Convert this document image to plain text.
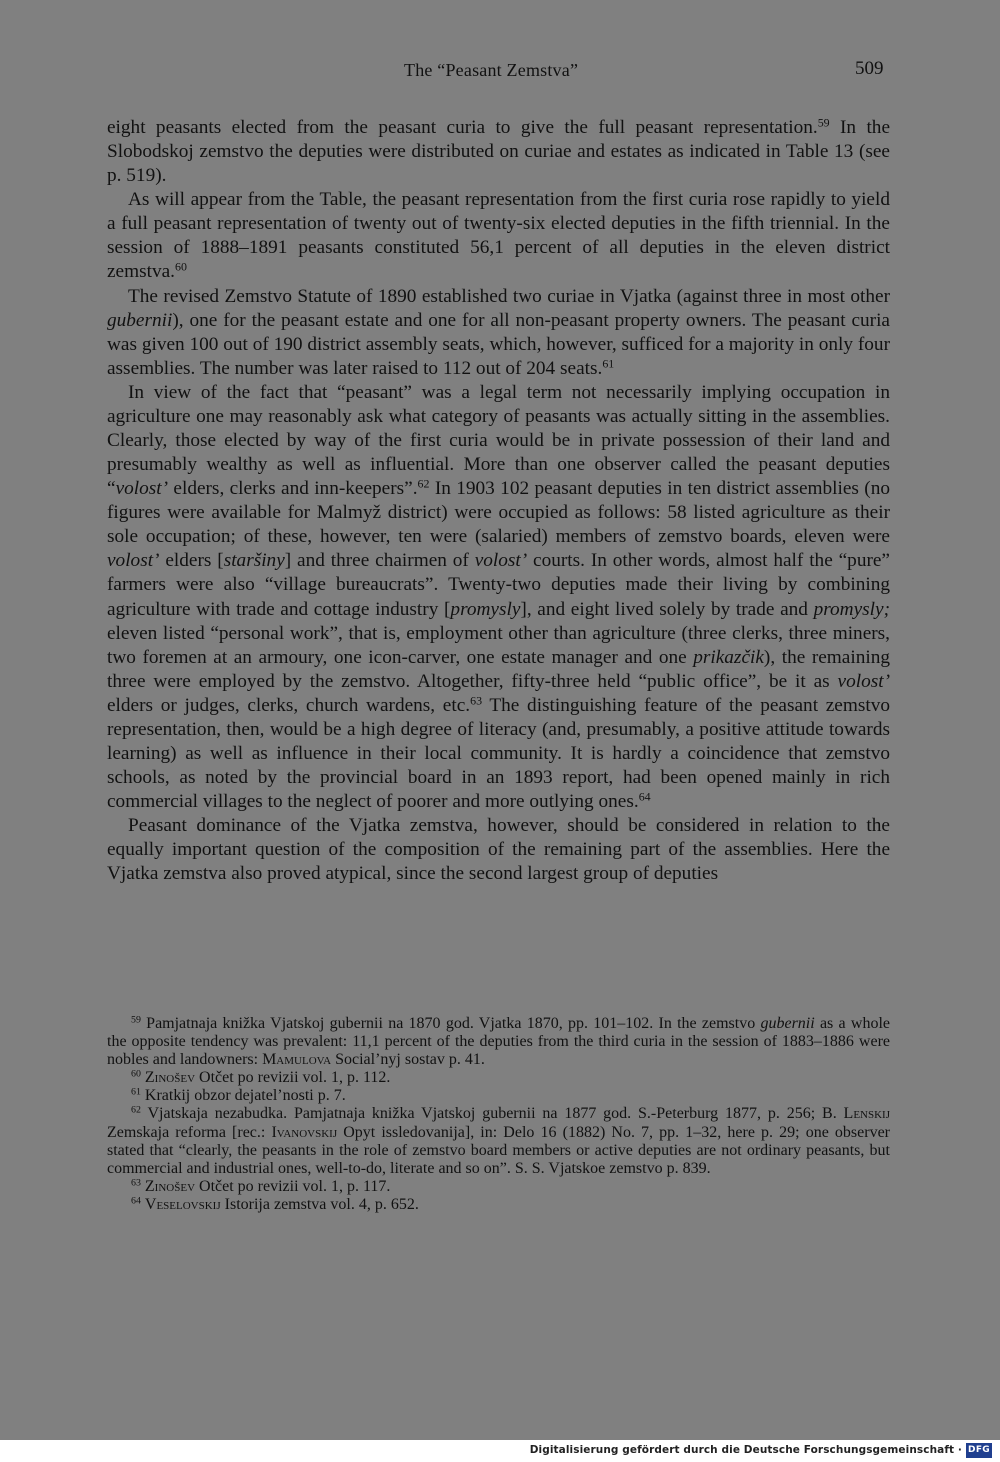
The “Peasant Zemstva”	509

eight peasants elected from the peasant curia to give the full peasant representation.$^{59}$ In the Slobodskoj zemstvo the deputies were distributed on curiae and estates as indicated in Table 13 (see p. 519).

As will appear from the Table, the peasant representation from the first curia rose rapidly to yield a full peasant representation of twenty out of twenty-six elected deputies in the fifth triennial. In the session of 1888–1891 peasants constituted 56,1 percent of all deputies in the eleven district zemstva.$^{60}$

The revised Zemstvo Statute of 1890 established two curiae in Vjatka (against three in most other gubernii), one for the peasant estate and one for all non-peasant property owners. The peasant curia was given 100 out of 190 district assembly seats, which, however, sufficed for a majority in only four assemblies. The number was later raised to 112 out of 204 seats.$^{61}$

In view of the fact that “peasant” was a legal term not necessarily implying occupation in agriculture one may reasonably ask what category of peasants was actually sitting in the assemblies. Clearly, those elected by way of the first curia would be in private possession of their land and presumably wealthy as well as influential. More than one observer called the peasant deputies “volost’ elders, clerks and inn-keepers”.$^{62}$ In 1903 102 peasant deputies in ten district assemblies (no figures were available for Malmyž district) were occupied as follows: 58 listed agriculture as their sole occupation; of these, however, ten were (salaried) members of zemstvo boards, eleven were volost’ elders [staršiny] and three chairmen of volost’ courts. In other words, almost half the “pure” farmers were also “village bureaucrats”. Twenty-two deputies made their living by combining agriculture with trade and cottage industry [promysly], and eight lived solely by trade and promysly; eleven listed “personal work”, that is, employment other than agriculture (three clerks, three miners, two foremen at an armoury, one icon-carver, one estate manager and one prikazčik), the remaining three were employed by the zemstvo. Altogether, fifty-three held “public office”, be it as volost’ elders or judges, clerks, church wardens, etc.$^{63}$ The distinguishing feature of the peasant zemstvo representation, then, would be a high degree of literacy (and, presumably, a positive attitude towards learning) as well as influence in their local community. It is hardly a coincidence that zemstvo schools, as noted by the provincial board in an 1893 report, had been opened mainly in rich commercial villages to the neglect of poorer and more outlying ones.$^{64}$

Peasant dominance of the Vjatka zemstva, however, should be considered in relation to the equally important question of the composition of the remaining part of the assemblies. Here the Vjatka zemstva also proved atypical, since the second largest group of deputies

$^{59}$ Pamjatnaja knižka Vjatskoj gubernii na 1870 god. Vjatka 1870, pp. 101–102. In the zemstvo gubernii as a whole the opposite tendency was prevalent: 11,1 percent of the deputies from the third curia in the session of 1883–1886 were nobles and landowners: Mamulova Social’nyj sostav p. 41.

$^{60}$ Zinošev Otčet po revizii vol. 1, p. 112.

$^{61}$ Kratkij obzor dejatel’nosti p. 7.

$^{62}$ Vjatskaja nezabudka. Pamjatnaja knižka Vjatskoj gubernii na 1877 god. S.-Peterburg 1877, p. 256; B. Lenskij Zemskaja reforma [rec.: Ivanovskij Opyt issledovanija], in: Delo 16 (1882) No. 7, pp. 1–32, here p. 29; one observer stated that “clearly, the peasants in the role of zemstvo board members or active deputies are not ordinary peasants, but commercial and industrial ones, well-to-do, literate and so on”. S. S. Vjatskoe zemstvo p. 839.

$^{63}$ Zinošev Otčet po revizii vol. 1, p. 117.

$^{64}$ Veselovskij Istorija zemstva vol. 4, p. 652.

Digitalisierung gefördert durch die Deutsche Forschungsgemeinschaft · DFG
